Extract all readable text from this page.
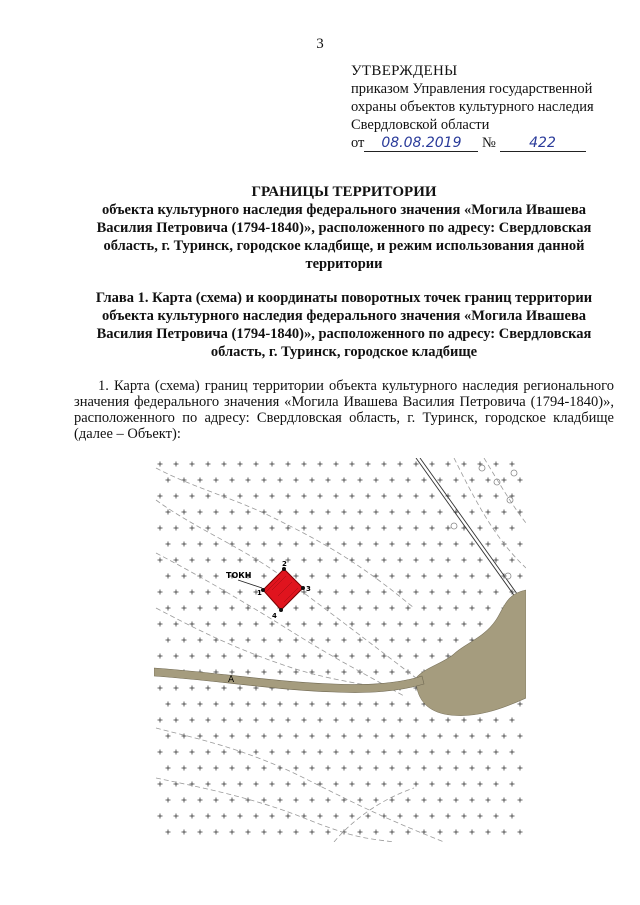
3
УТВЕРЖДЕНЫ
приказом Управления государственной
охраны объектов культурного наследия
Свердловской области
от 08.08.2019 № 422
ГРАНИЦЫ ТЕРРИТОРИИ
объекта культурного наследия федерального значения «Могила Ивашева Василия Петровича (1794-1840)», расположенного по адресу: Свердловская область, г. Туринск, городское кладбище, и режим использования данной территории
Глава 1. Карта (схема) и координаты поворотных точек границ территории объекта культурного наследия федерального значения «Могила Ивашева Василия Петровича (1794-1840)», расположенного по адресу: Свердловская область, г. Туринск, городское кладбище
1. Карта (схема) границ территории объекта культурного наследия регионального значения федерального значения «Могила Ивашева Василия Петровича (1794-1840)», расположенного по адресу: Свердловская область, г. Туринск, городское кладбище (далее – Объект):
1
2
3
4
ТОКН
А
